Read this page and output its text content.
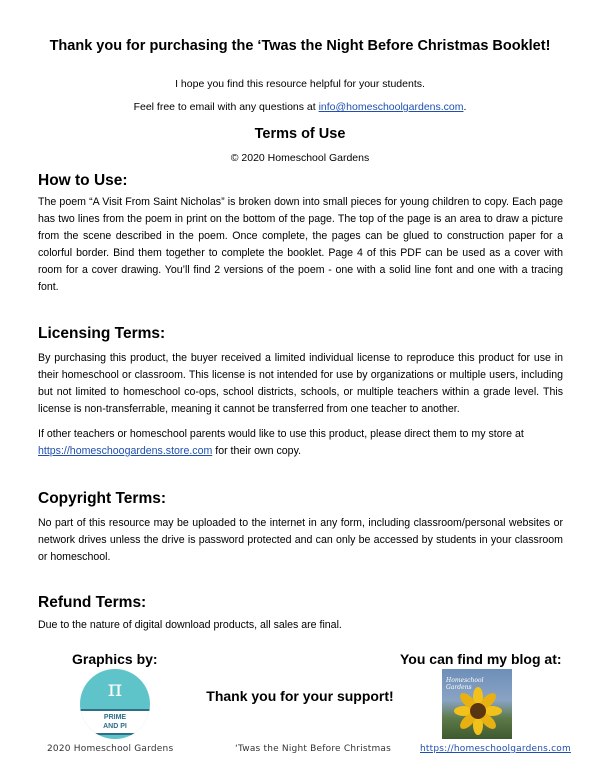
Thank you for purchasing the ‘Twas the Night Before Christmas Booklet!
I hope you find this resource helpful for your students.
Feel free to email with any questions at info@homeschoolgardens.com.
Terms of Use
© 2020 Homeschool Gardens
How to Use:
The poem “A Visit From Saint Nicholas” is broken down into small pieces for young children to copy. Each page has two lines from the poem in print on the bottom of the page. The top of the page is an area to draw a picture from the scene described in the poem. Once complete, the pages can be glued to construction paper for a colorful border. Bind them together to complete the booklet. Page 4 of this PDF can be used as a cover with room for a cover drawing. You’ll find 2 versions of the poem - one with a solid line font and one with a tracing font.
Licensing Terms:
By purchasing this product, the buyer received a limited individual license to reproduce this product for use in their homeschool or classroom. This license is not intended for use by organizations or multiple users, including but not limited to homeschool co-ops, school districts, schools, or multiple teachers within a grade level. This license is non-transferrable, meaning it cannot be transferred from one teacher to another.
If other teachers or homeschool parents would like to use this product, please direct them to my store at https://homeschoogardens.store.com for their own copy.
Copyright Terms:
No part of this resource may be uploaded to the internet in any form, including classroom/personal websites or network drives unless the drive is password protected and can only be accessed by students in your classroom or homeschool.
Refund Terms:
Due to the nature of digital download products, all sales are final.
Graphics by:	You can find my blog at:
π
PRIME
AND PI
Thank you for your support!
Homeschool Gardens
2020 Homeschool Gardens	‘Twas the Night Before Christmas	https://homeschoolgardens.com
